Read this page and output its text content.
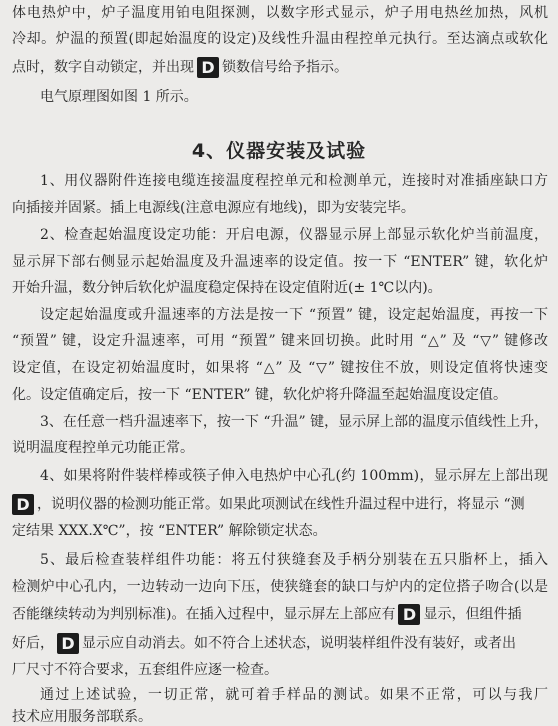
体电热炉中，炉子温度用铂电阻探测，以数字形式显示，炉子用电热丝加热，风机
冷却。炉温的预置(即起始温度的设定)及线性升温由程控单元执行。至达滴点或软化
点时，数字自动锁定，并出现 D 锁数信号给予指示。
电气原理图如图 1 所示。
4、仪器安装及试验
1、用仪器附件连接电缆连接温度程控单元和检测单元，连接时对准插座缺口方
向插接并固紧。插上电源线(注意电源应有地线)，即为安装完毕。
2、检查起始温度设定功能：开启电源，仪器显示屏上部显示软化炉当前温度，
显示屏下部右侧显示起始温度及升温速率的设定值。按一下 “ENTER” 键，软化炉
开始升温，数分钟后软化炉温度稳定保持在设定值附近(± 1℃以内)。
设定起始温度或升温速率的方法是按一下 “预置” 键，设定起始温度，再按一下
“预置” 键，设定升温速率，可用 “预置” 键来回切换。此时用 “△” 及 “▽” 键修改
设定值，在设定初始温度时，如果将 “△” 及 “▽” 键按住不放，则设定值将快速变
化。设定值确定后，按一下 “ENTER” 键，软化炉将升降温至起始温度设定值。
3、在任意一档升温速率下，按一下 “升温” 键，显示屏上部的温度示值线性上升，
说明温度程控单元功能正常。
4、如果将附件装样棒或筷子伸入电热炉中心孔(约 100mm)，显示屏左上部出现
D ，说明仪器的检测功能正常。如果此项测试在线性升温过程中进行，将显示 “测
定结果 XXX.X℃”，按 “ENTER” 解除锁定状态。
5、最后检查装样组件功能：将五付狭缝套及手柄分别装在五只脂杯上，插入
检测炉中心孔内，一边转动一边向下压，使狭缝套的缺口与炉内的定位搭子吻合(以是
否能继续转动为判别标准)。在插入过程中，显示屏左上部应有 D 显示，但组件插
好后， D 显示应自动消去。如不符合上述状态，说明装样组件没有装好，或者出
厂尺寸不符合要求，五套组件应逐一检查。
通过上述试验，一切正常，就可着手样品的测试。如果不正常，可以与我厂
技术应用服务部联系。
